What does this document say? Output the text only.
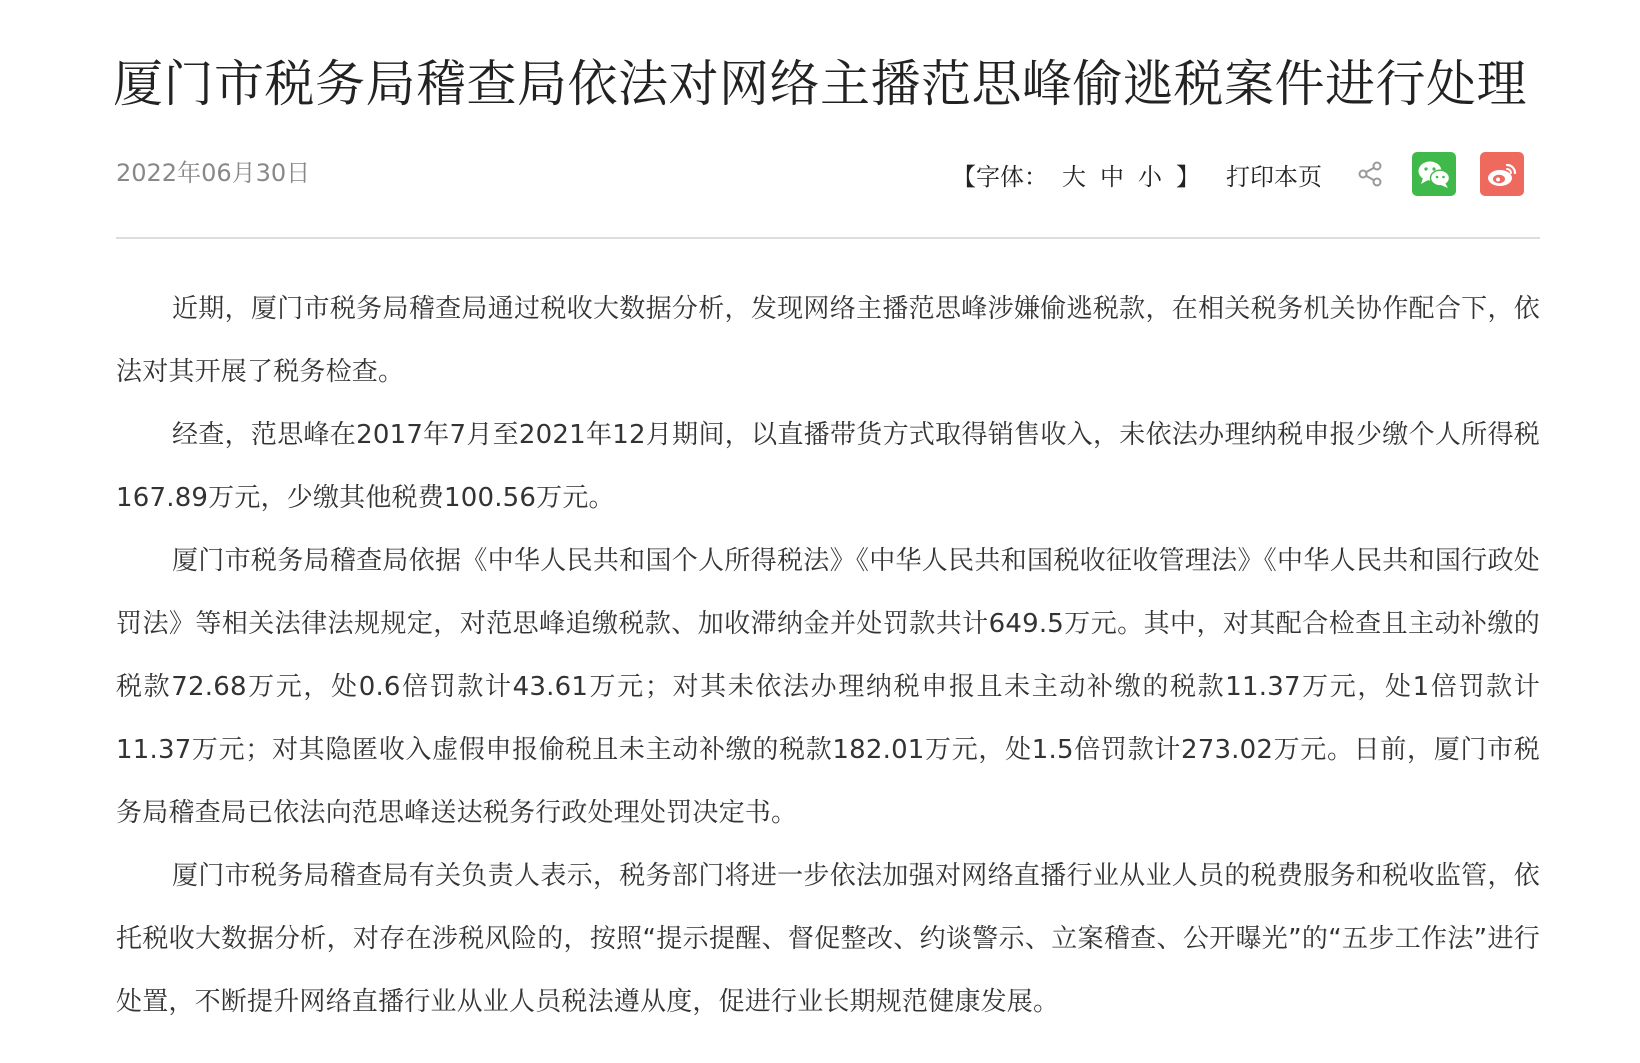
厦门市税务局稽查局依法对网络主播范思峰偷逃税案件进行处理
2022年06月30日	【字体： 大 中 小 】 打印本页

近期，厦门市税务局稽查局通过税收大数据分析，发现网络主播范思峰涉嫌偷逃税款，在相关税务机关协作配合下，依法对其开展了税务检查。

经查，范思峰在2017年7月至2021年12月期间，以直播带货方式取得销售收入，未依法办理纳税申报少缴个人所得税167.89万元，少缴其他税费100.56万元。

厦门市税务局稽查局依据《中华人民共和国个人所得税法》《中华人民共和国税收征收管理法》《中华人民共和国行政处罚法》等相关法律法规规定，对范思峰追缴税款、加收滞纳金并处罚款共计649.5万元。其中，对其配合检查且主动补缴的税款72.68万元，处0.6倍罚款计43.61万元；对其未依法办理纳税申报且未主动补缴的税款11.37万元，处1倍罚款计11.37万元；对其隐匿收入虚假申报偷税且未主动补缴的税款182.01万元，处1.5倍罚款计273.02万元。日前，厦门市税务局稽查局已依法向范思峰送达税务行政处理处罚决定书。

厦门市税务局稽查局有关负责人表示，税务部门将进一步依法加强对网络直播行业从业人员的税费服务和税收监管，依托税收大数据分析，对存在涉税风险的，按照“提示提醒、督促整改、约谈警示、立案稽查、公开曝光”的“五步工作法”进行处置，不断提升网络直播行业从业人员税法遵从度，促进行业长期规范健康发展。
